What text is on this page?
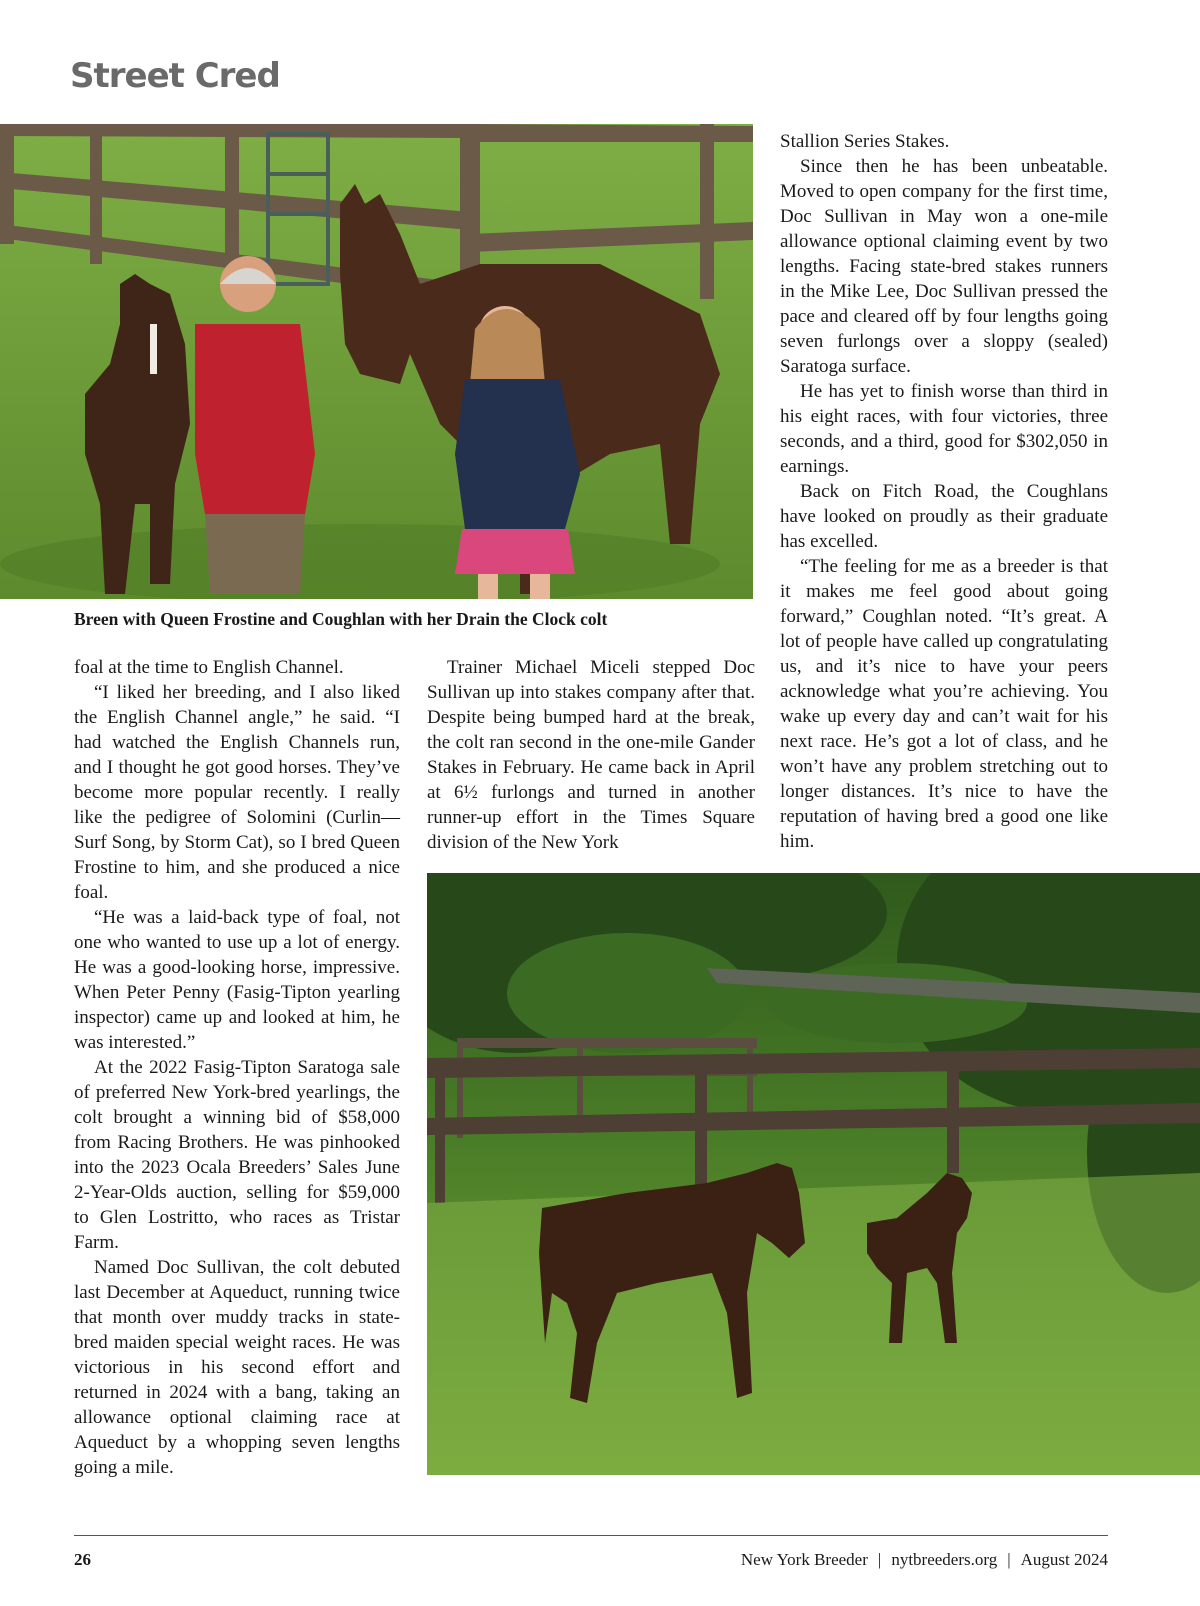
Street Cred
Breen with Queen Frostine and Coughlan with her Drain the Clock colt

foal at the time to English Channel.

“I liked her breeding, and I also liked the English Channel angle,” he said. “I had watched the English Channels run, and I thought he got good horses. They’ve become more popular recently. I really like the pedigree of Solomini (Curlin—Surf Song, by Storm Cat), so I bred Queen Frostine to him, and she produced a nice foal.

“He was a laid-back type of foal, not one who wanted to use up a lot of energy. He was a good-looking horse, impressive. When Peter Penny (Fasig-Tipton yearling inspector) came up and looked at him, he was interested.”

At the 2022 Fasig-Tipton Saratoga sale of preferred New York-bred yearlings, the colt brought a winning bid of $58,000 from Racing Brothers. He was pinhooked into the 2023 Ocala Breeders’ Sales June 2-Year-Olds auction, selling for $59,000 to Glen Lostritto, who races as Tristar Farm.

Named Doc Sullivan, the colt debuted last December at Aqueduct, running twice that month over muddy tracks in state-bred maiden special weight races. He was victorious in his second effort and returned in 2024 with a bang, taking an allowance optional claiming race at Aqueduct by a whopping seven lengths going a mile.

Trainer Michael Miceli stepped Doc Sullivan up into stakes company after that. Despite being bumped hard at the break, the colt ran second in the one-mile Gander Stakes in February. He came back in April at 6½ furlongs and turned in another runner-up effort in the Times Square division of the New York

Stallion Series Stakes.

Since then he has been unbeatable. Moved to open company for the first time, Doc Sullivan in May won a one-mile allowance optional claiming event by two lengths. Facing state-bred stakes runners in the Mike Lee, Doc Sullivan pressed the pace and cleared off by four lengths going seven furlongs over a sloppy (sealed) Saratoga surface.

He has yet to finish worse than third in his eight races, with four victories, three seconds, and a third, good for $302,050 in earnings.

Back on Fitch Road, the Coughlans have looked on proudly as their graduate has excelled.

“The feeling for me as a breeder is that it makes me feel good about going forward,” Coughlan noted. “It’s great. A lot of people have called up congratulating us, and it’s nice to have your peers acknowledge what you’re achieving. You wake up every day and can’t wait for his next race. He’s got a lot of class, and he won’t have any problem stretching out to longer distances. It’s nice to have the reputation of having bred a good one like him.

26	New York Breeder | nytbreeders.org | August 2024
